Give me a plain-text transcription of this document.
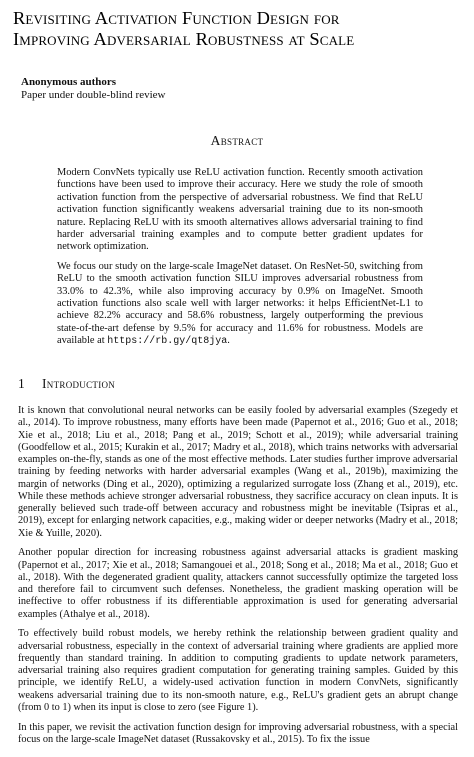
Revisiting Activation Function Design for
Improving Adversarial Robustness at Scale
Anonymous authors
Paper under double-blind review
Abstract

Modern ConvNets typically use ReLU activation function. Recently smooth activation functions have been used to improve their accuracy. Here we study the role of smooth activation function from the perspective of adversarial robustness. We find that ReLU activation function significantly weakens adversarial training due to its non-smooth nature. Replacing ReLU with its smooth alternatives allows adversarial training to find harder adversarial training examples and to compute better gradient updates for network optimization.

We focus our study on the large-scale ImageNet dataset. On ResNet-50, switching from ReLU to the smooth activation function SILU improves adversarial robustness from 33.0% to 42.3%, while also improving accuracy by 0.9% on ImageNet. Smooth activation functions also scale well with larger networks: it helps EfficientNet-L1 to achieve 82.2% accuracy and 58.6% robustness, largely outperforming the previous state-of-the-art defense by 9.5% for accuracy and 11.6% for robustness. Models are available at https://rb.gy/qt8jya.

1 Introduction

It is known that convolutional neural networks can be easily fooled by adversarial examples (Szegedy et al., 2014). To improve robustness, many efforts have been made (Papernot et al., 2016; Guo et al., 2018; Xie et al., 2018; Liu et al., 2018; Pang et al., 2019; Schott et al., 2019); while adversarial training (Goodfellow et al., 2015; Kurakin et al., 2017; Madry et al., 2018), which trains networks with adversarial examples on-the-fly, stands as one of the most effective methods. Later studies further improve adversarial training by feeding networks with harder adversarial examples (Wang et al., 2019b), maximizing the margin of networks (Ding et al., 2020), optimizing a regularized surrogate loss (Zhang et al., 2019), etc. While these methods achieve stronger adversarial robustness, they sacrifice accuracy on clean inputs. It is generally believed such trade-off between accuracy and robustness might be inevitable (Tsipras et al., 2019), except for enlarging network capacities, e.g., making wider or deeper networks (Madry et al., 2018; Xie & Yuille, 2020).

Another popular direction for increasing robustness against adversarial attacks is gradient masking (Papernot et al., 2017; Xie et al., 2018; Samangouei et al., 2018; Song et al., 2018; Ma et al., 2018; Guo et al., 2018). With the degenerated gradient quality, attackers cannot successfully optimize the targeted loss and therefore fail to circumvent such defenses. Nonetheless, the gradient masking operation will be ineffective to offer robustness if its differentiable approximation is used for generating adversarial examples (Athalye et al., 2018).

To effectively build robust models, we hereby rethink the relationship between gradient quality and adversarial robustness, especially in the context of adversarial training where gradients are applied more frequently than standard training. In addition to computing gradients to update network parameters, adversarial training also requires gradient computation for generating training samples. Guided by this principle, we identify ReLU, a widely-used activation function in modern ConvNets, significantly weakens adversarial training due to its non-smooth nature, e.g., ReLU's gradient gets an abrupt change (from 0 to 1) when its input is close to zero (see Figure 1).

In this paper, we revisit the activation function design for improving adversarial robustness, with a special focus on the large-scale ImageNet dataset (Russakovsky et al., 2015). To fix the issue
